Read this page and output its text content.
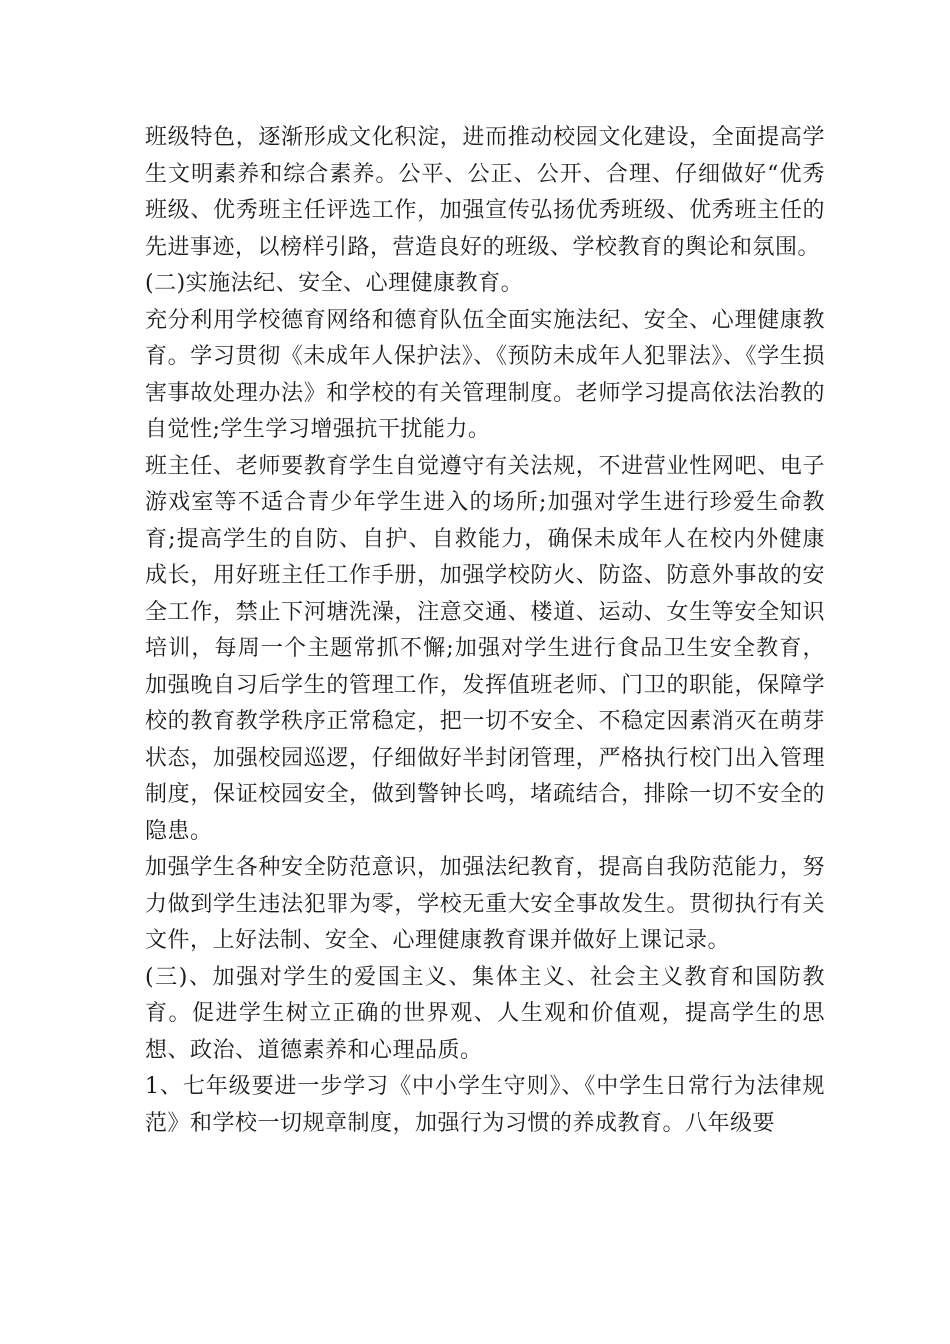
班级特色，逐渐形成文化积淀，进而推动校园文化建设，全面提高学生文明素养和综合素养。公平、公正、公开、合理、仔细做好“优秀班级、优秀班主任评选工作，加强宣传弘扬优秀班级、优秀班主任的先进事迹，以榜样引路，营造良好的班级、学校教育的舆论和氛围。

(二)实施法纪、安全、心理健康教育。

充分利用学校德育网络和德育队伍全面实施法纪、安全、心理健康教育。学习贯彻《未成年人保护法》、《预防未成年人犯罪法》、《学生损害事故处理办法》和学校的有关管理制度。老师学习提高依法治教的自觉性;学生学习增强抗干扰能力。

班主任、老师要教育学生自觉遵守有关法规，不进营业性网吧、电子游戏室等不适合青少年学生进入的场所;加强对学生进行珍爱生命教育;提高学生的自防、自护、自救能力，确保未成年人在校内外健康成长，用好班主任工作手册，加强学校防火、防盗、防意外事故的安全工作，禁止下河塘洗澡，注意交通、楼道、运动、女生等安全知识培训，每周一个主题常抓不懈;加强对学生进行食品卫生安全教育，加强晚自习后学生的管理工作，发挥值班老师、门卫的职能，保障学校的教育教学秩序正常稳定，把一切不安全、不稳定因素消灭在萌芽状态，加强校园巡逻，仔细做好半封闭管理，严格执行校门出入管理制度，保证校园安全，做到警钟长鸣，堵疏结合，排除一切不安全的隐患。

加强学生各种安全防范意识，加强法纪教育，提高自我防范能力，努力做到学生违法犯罪为零，学校无重大安全事故发生。贯彻执行有关文件，上好法制、安全、心理健康教育课并做好上课记录。

(三)、加强对学生的爱国主义、集体主义、社会主义教育和国防教育。促进学生树立正确的世界观、人生观和价值观，提高学生的思想、政治、道德素养和心理品质。

1、七年级要进一步学习《中小学生守则》、《中学生日常行为法律规范》和学校一切规章制度，加强行为习惯的养成教育。八年级要
